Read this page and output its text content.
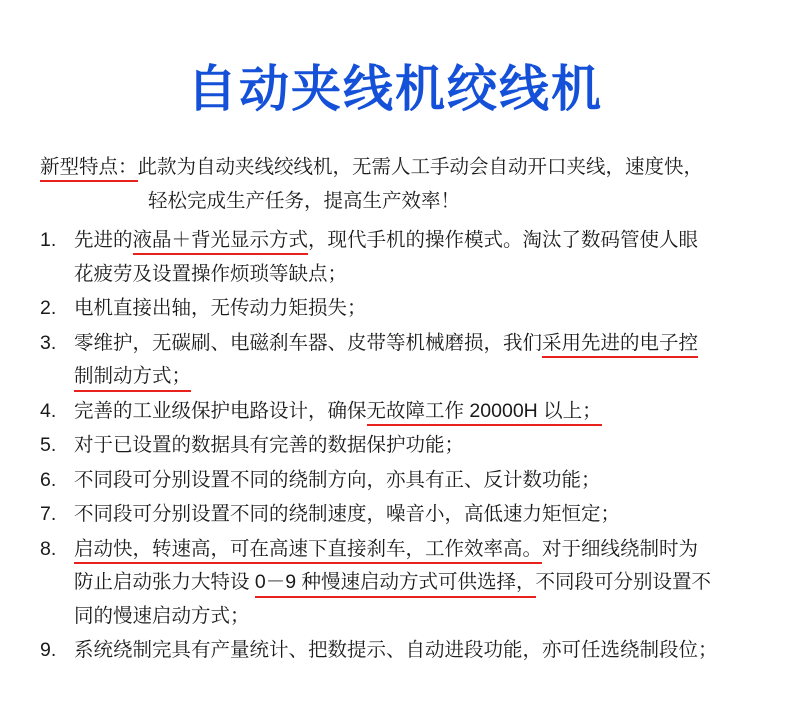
自动夹线机绞线机
新型特点：此款为自动夹线绞线机，无需人工手动会自动开口夹线，速度快，
轻松完成生产任务，提高生产效率！
1. 先进的液晶＋背光显示方式，现代手机的操作模式。淘汰了数码管使人眼
花疲劳及设置操作烦琐等缺点；
2. 电机直接出轴，无传动力矩损失；
3. 零维护，无碳刷、电磁刹车器、皮带等机械磨损，我们采用先进的电子控
制制动方式；
4. 完善的工业级保护电路设计，确保无故障工作 20000H 以上；
5. 对于已设置的数据具有完善的数据保护功能；
6. 不同段可分别设置不同的绕制方向，亦具有正、反计数功能；
7. 不同段可分别设置不同的绕制速度，噪音小，高低速力矩恒定；
8. 启动快，转速高，可在高速下直接刹车，工作效率高。对于细线绕制时为
防止启动张力大特设 0－9 种慢速启动方式可供选择，不同段可分别设置不
同的慢速启动方式；
9. 系统绕制完具有产量统计、把数提示、自动进段功能，亦可任选绕制段位；
